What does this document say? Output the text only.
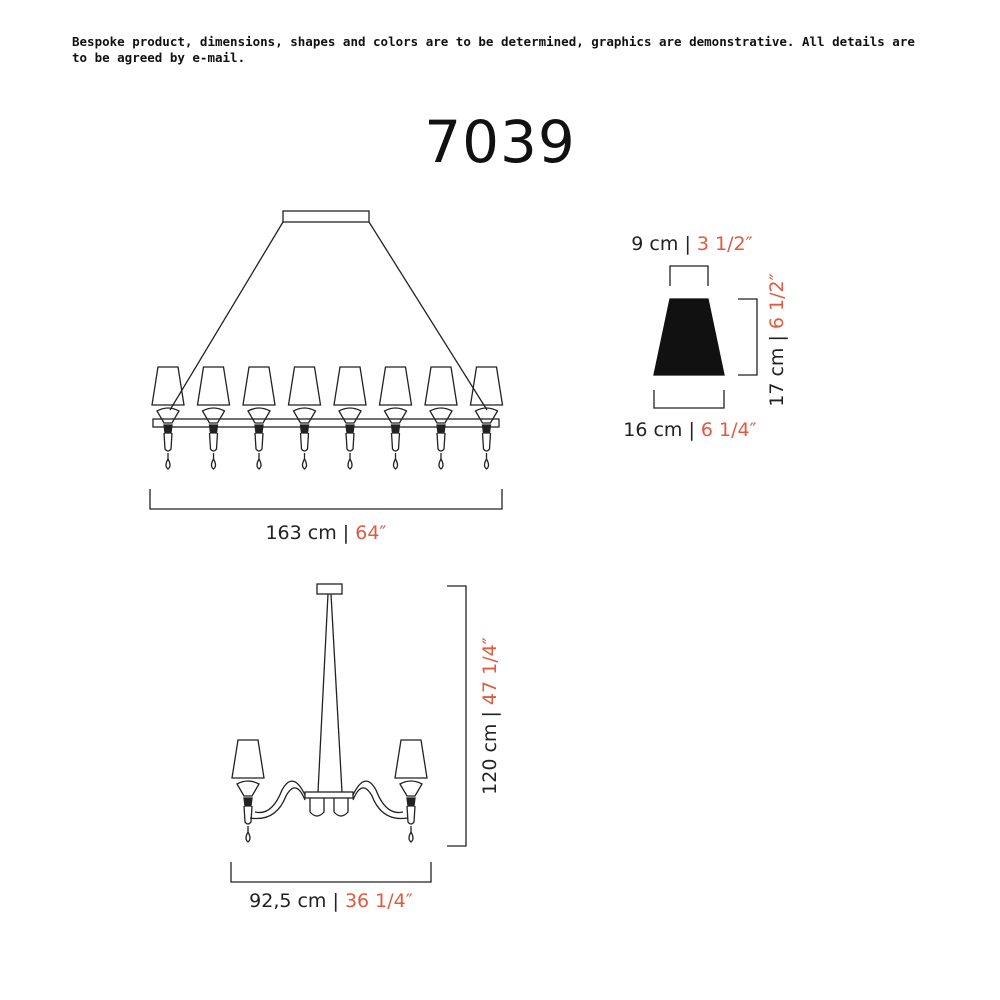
Bespoke product, dimensions, shapes and colors are to be determined, graphics are demonstrative. All details are to be agreed by e-mail.
7039
163 cm | 64″
92,5 cm | 36 1/4″
120 cm | 47 1/4″
9 cm | 3 1/2″
16 cm | 6 1/4″
17 cm | 6 1/2″
